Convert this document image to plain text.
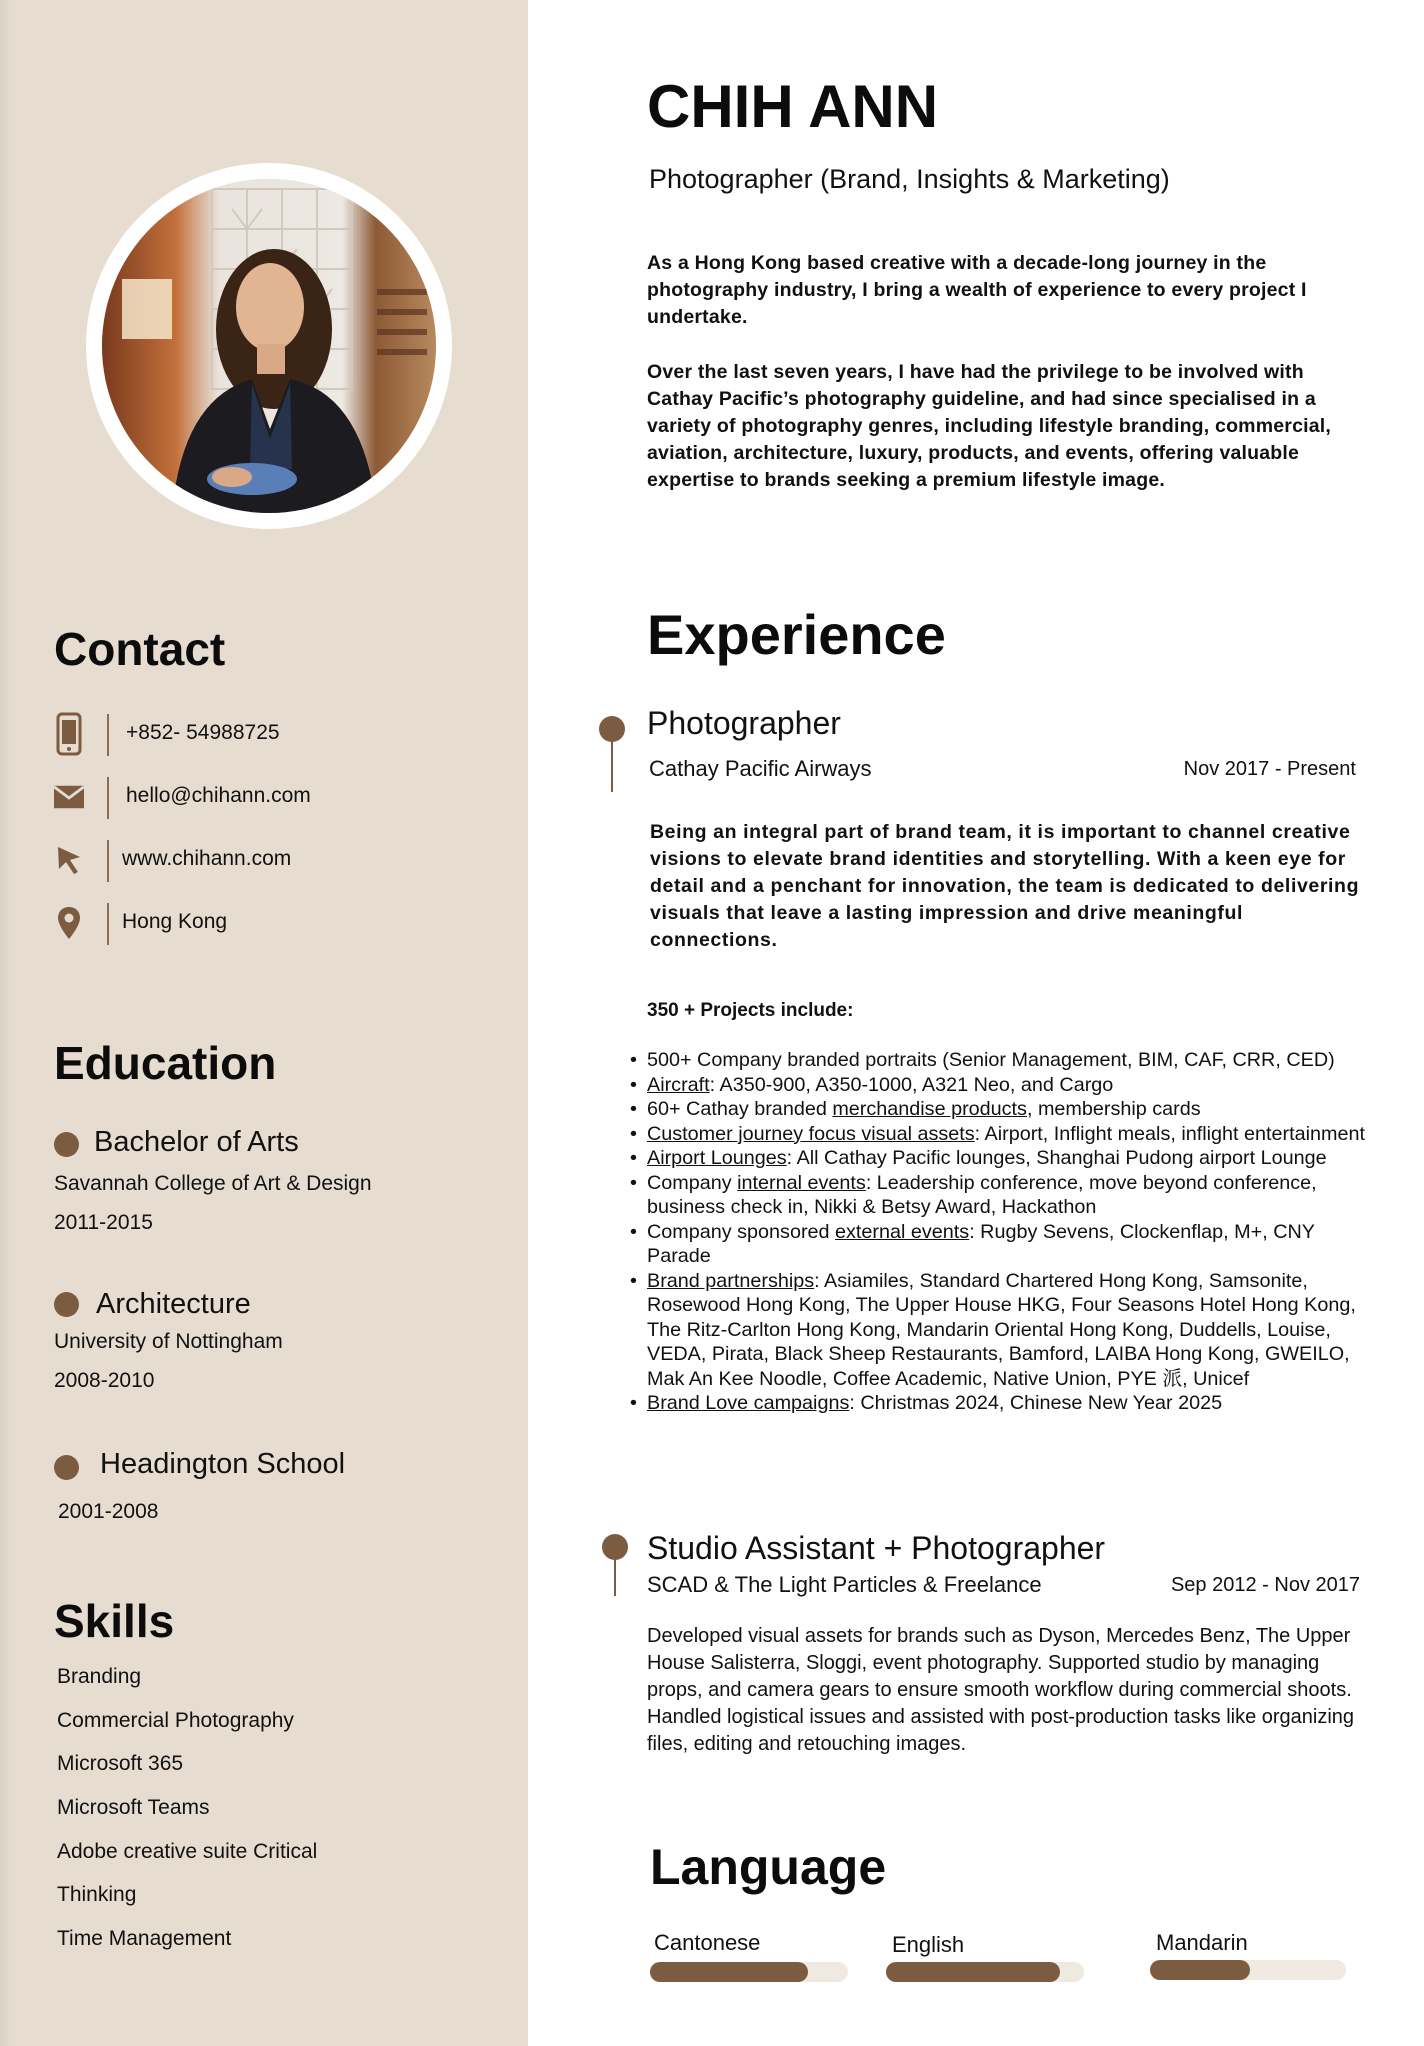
Contact
+852- 54988725
hello@chihann.com
www.chihann.com
Hong Kong
Education
Bachelor of Arts
Savannah College of Art & Design
2011-2015
Architecture
University of Nottingham
2008-2010
Headington School
2001-2008
Skills
Branding
Commercial Photography
Microsoft 365
Microsoft Teams
Adobe creative suite Critical
Thinking
Time Management
CHIH ANN
Photographer (Brand, Insights & Marketing)
As a Hong Kong based creative with a decade-long journey in the photography industry, I bring a wealth of experience to every project I undertake.
Over the last seven years, I have had the privilege to be involved with Cathay Pacific’s photography guideline, and had since specialised in a variety of photography genres, including lifestyle branding, commercial, aviation, architecture, luxury, products, and events, offering valuable expertise to brands seeking a premium lifestyle image.
Experience
Photographer
Cathay Pacific Airways	Nov 2017 - Present
Being an integral part of brand team, it is important to channel creative visions to elevate brand identities and storytelling. With a keen eye for detail and a penchant for innovation, the team is dedicated to delivering visuals that leave a lasting impression and drive meaningful connections.
350 + Projects include:
• 500+ Company branded portraits (Senior Management, BIM, CAF, CRR, CED)
• Aircraft: A350-900, A350-1000, A321 Neo, and Cargo
• 60+ Cathay branded merchandise products, membership cards
• Customer journey focus visual assets: Airport, Inflight meals, inflight entertainment
• Airport Lounges: All Cathay Pacific lounges, Shanghai Pudong airport Lounge
• Company internal events: Leadership conference, move beyond conference, business check in, Nikki & Betsy Award, Hackathon
• Company sponsored external events: Rugby Sevens, Clockenflap, M+, CNY Parade
• Brand partnerships: Asiamiles, Standard Chartered Hong Kong, Samsonite, Rosewood Hong Kong, The Upper House HKG, Four Seasons Hotel Hong Kong, The Ritz-Carlton Hong Kong, Mandarin Oriental Hong Kong, Duddells, Louise, VEDA, Pirata, Black Sheep Restaurants, Bamford, LAIBA Hong Kong, GWEILO, Mak An Kee Noodle, Coffee Academic, Native Union, PYE 派, Unicef
• Brand Love campaigns: Christmas 2024, Chinese New Year 2025
Studio Assistant + Photographer
SCAD & The Light Particles & Freelance	Sep 2012 - Nov 2017
Developed visual assets for brands such as Dyson, Mercedes Benz, The Upper House Salisterra, Sloggi, event photography. Supported studio by managing props, and camera gears to ensure smooth workflow during commercial shoots. Handled logistical issues and assisted with post-production tasks like organizing files, editing and retouching images.
Language
Cantonese	English	Mandarin
